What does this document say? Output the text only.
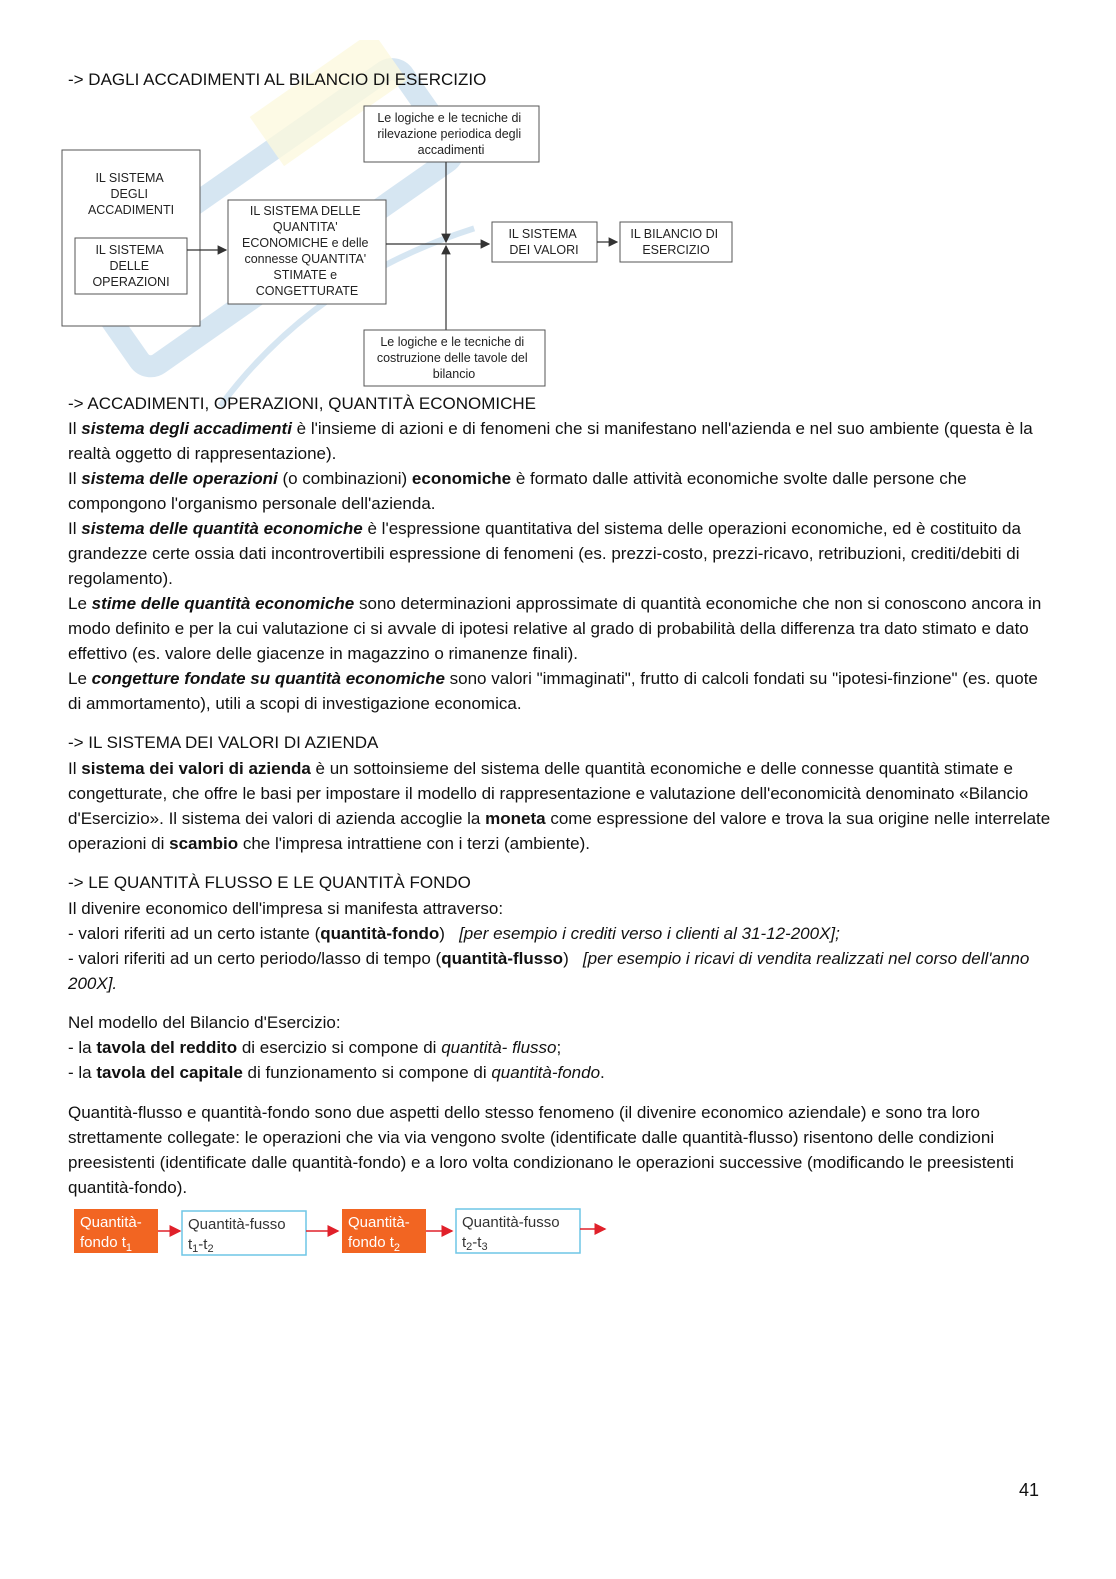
-> DAGLI ACCADIMENTI AL BILANCIO DI ESERCIZIO
Le logiche e le tecniche di rilevazione periodica degli accadimenti
IL SISTEMA DEGLI ACCADIMENTI
IL SISTEMA DELLE OPERAZIONI
IL SISTEMA DELLE QUANTITA' ECONOMICHE e delle connesse QUANTITA' STIMATE e CONGETTURATE
IL SISTEMA DEI VALORI
IL BILANCIO DI ESERCIZIO
Le logiche e le tecniche di costruzione delle tavole del bilancio
-> ACCADIMENTI, OPERAZIONI, QUANTITÀ ECONOMICHE

Il sistema degli accadimenti è l'insieme di azioni e di fenomeni che si manifestano nell'azienda e nel suo ambiente (questa è la realtà oggetto di rappresentazione).

Il sistema delle operazioni (o combinazioni) economiche è formato dalle attività economiche svolte dalle persone che compongono l'organismo personale dell'azienda.

Il sistema delle quantità economiche è l'espressione quantitativa del sistema delle operazioni economiche, ed è costituito da grandezze certe ossia dati incontrovertibili espressione di fenomeni (es. prezzi-costo, prezzi-ricavo, retribuzioni, crediti/debiti di regolamento).

Le stime delle quantità economiche sono determinazioni approssimate di quantità economiche che non si conoscono ancora in modo definito e per la cui valutazione ci si avvale di ipotesi relative al grado di probabilità della differenza tra dato stimato e dato effettivo (es. valore delle giacenze in magazzino o rimanenze finali).

Le congetture fondate su quantità economiche sono valori "immaginati", frutto di calcoli fondati su "ipotesi-finzione" (es. quote di ammortamento), utili a scopi di investigazione economica.

-> IL SISTEMA DEI VALORI DI AZIENDA

Il sistema dei valori di azienda è un sottoinsieme del sistema delle quantità economiche e delle connesse quantità stimate e congetturate, che offre le basi per impostare il modello di rappresentazione e valutazione dell'economicità denominato «Bilancio d'Esercizio». Il sistema dei valori di azienda accoglie la moneta come espressione del valore e trova la sua origine nelle interrelate operazioni di scambio che l'impresa intrattiene con i terzi (ambiente).

-> LE QUANTITÀ FLUSSO E LE QUANTITÀ FONDO

Il divenire economico dell'impresa si manifesta attraverso:

- valori riferiti ad un certo istante (quantità-fondo) [per esempio i crediti verso i clienti al 31-12-200X];

- valori riferiti ad un certo periodo/lasso di tempo (quantità-flusso) [per esempio i ricavi di vendita realizzati nel corso dell'anno 200X].

Nel modello del Bilancio d'Esercizio:

- la tavola del reddito di esercizio si compone di quantità- flusso;

- la tavola del capitale di funzionamento si compone di quantità-fondo.

Quantità-flusso e quantità-fondo sono due aspetti dello stesso fenomeno (il divenire economico aziendale) e sono tra loro strettamente collegate: le operazioni che via via vengono svolte (identificate dalle quantità-flusso) risentono delle condizioni preesistenti (identificate dalle quantità-fondo) e a loro volta condizionano le operazioni successive (modificando le preesistenti quantità-fondo).

Quantità- fondo $t_1$
Quantità-fusso $t_1-t_2$
Quantità- fondo $t_2$
Quantità-fusso $t_2-t_3$
41
